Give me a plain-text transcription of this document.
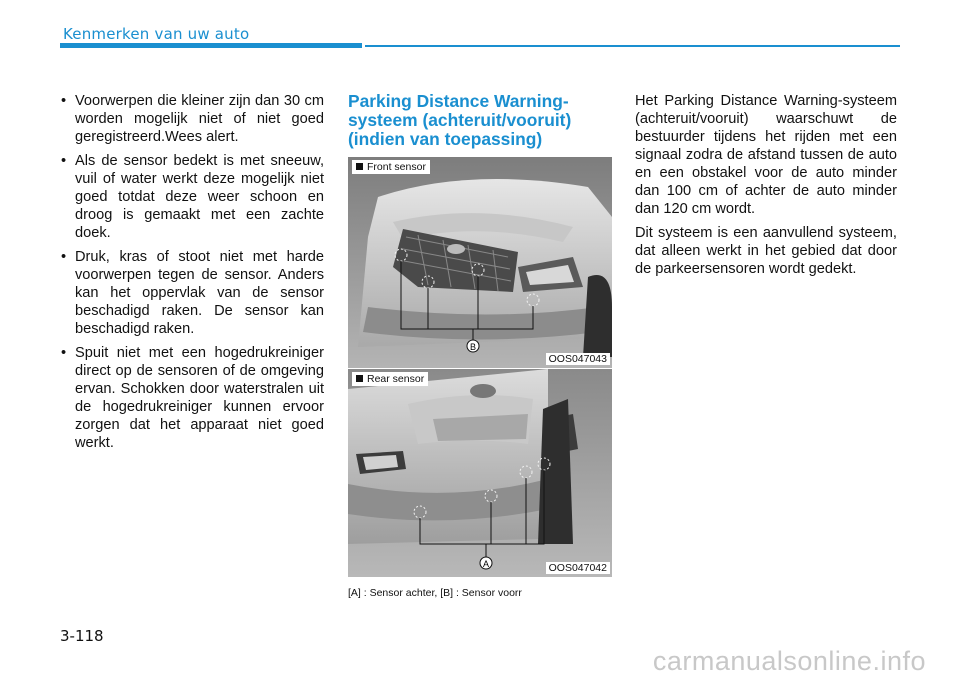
Kenmerken van uw auto
• Voorwerpen die kleiner zijn dan 30 cm worden mogelijk niet of niet goed geregistreerd.Wees alert.
• Als de sensor bedekt is met sneeuw, vuil of water werkt deze mogelijk niet goed totdat deze weer schoon en droog is gemaakt met een zachte doek.
• Druk, kras of stoot niet met harde voorwerpen tegen de sensor. Anders kan het oppervlak van de sensor beschadigd raken. De sensor kan beschadigd raken.
• Spuit niet met een hogedrukreiniger direct op de sensoren of de omgeving ervan. Schokken door waterstralen uit de hogedrukreiniger kunnen ervoor zorgen dat het apparaat niet goed werkt.
Parking Distance Warning-systeem (achteruit/vooruit) (indien van toepassing)
B
Front sensor
OOS047043
A
Rear sensor
OOS047042
[A] : Sensor achter, [B] : Sensor voorr

Het Parking Distance Warning-systeem (achteruit/vooruit) waarschuwt de bestuurder tijdens het rijden met een signaal zodra de afstand tussen de auto en een obstakel voor de auto minder dan 100 cm of achter de auto minder dan 120 cm wordt.

Dit systeem is een aanvullend systeem, dat alleen werkt in het gebied dat door de parkeersensoren wordt gedekt.

3-118
carmanualsonline.info
